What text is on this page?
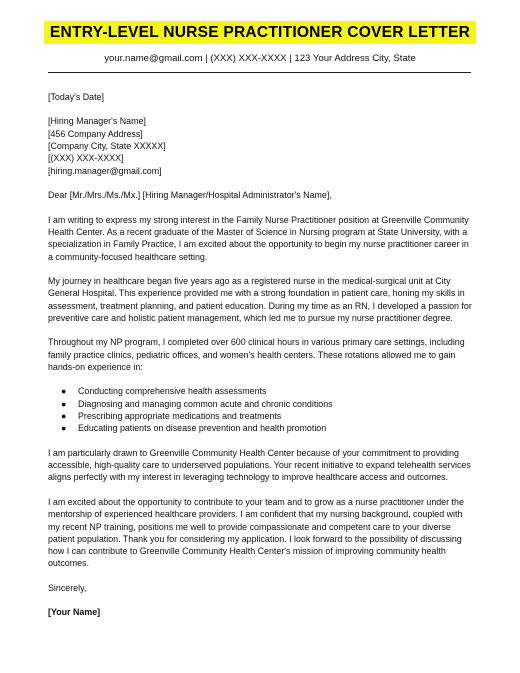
ENTRY-LEVEL NURSE PRACTITIONER COVER LETTER
your.name@gmail.com | (XXX) XXX-XXXX | 123 Your Address City, State

[Today's Date]

[Hiring Manager's Name]
[456 Company Address]
[Company City, State XXXXX]
[(XXX) XXX-XXXX]
[hiring.manager@gmail.com]

Dear [Mr./Mrs./Ms./Mx.] [Hiring Manager/Hospital Administrator's Name],

I am writing to express my strong interest in the Family Nurse Practitioner position at Greenville Community Health Center. As a recent graduate of the Master of Science in Nursing program at State University, with a specialization in Family Practice, I am excited about the opportunity to begin my nurse practitioner career in a community-focused healthcare setting.

My journey in healthcare began five years ago as a registered nurse in the medical-surgical unit at City General Hospital. This experience provided me with a strong foundation in patient care, honing my skills in assessment, treatment planning, and patient education. During my time as an RN, I developed a passion for preventive care and holistic patient management, which led me to pursue my nurse practitioner degree.

Throughout my NP program, I completed over 600 clinical hours in various primary care settings, including family practice clinics, pediatric offices, and women's health centers. These rotations allowed me to gain hands-on experience in:

● Conducting comprehensive health assessments
● Diagnosing and managing common acute and chronic conditions
● Prescribing appropriate medications and treatments
● Educating patients on disease prevention and health promotion

I am particularly drawn to Greenville Community Health Center because of your commitment to providing accessible, high-quality care to underserved populations. Your recent initiative to expand telehealth services aligns perfectly with my interest in leveraging technology to improve healthcare access and outcomes.

I am excited about the opportunity to contribute to your team and to grow as a nurse practitioner under the mentorship of experienced healthcare providers. I am confident that my nursing background, coupled with my recent NP training, positions me well to provide compassionate and competent care to your diverse patient population. Thank you for considering my application. I look forward to the possibility of discussing how I can contribute to Greenville Community Health Center's mission of improving community health outcomes.

Sincerely,

[Your Name]
